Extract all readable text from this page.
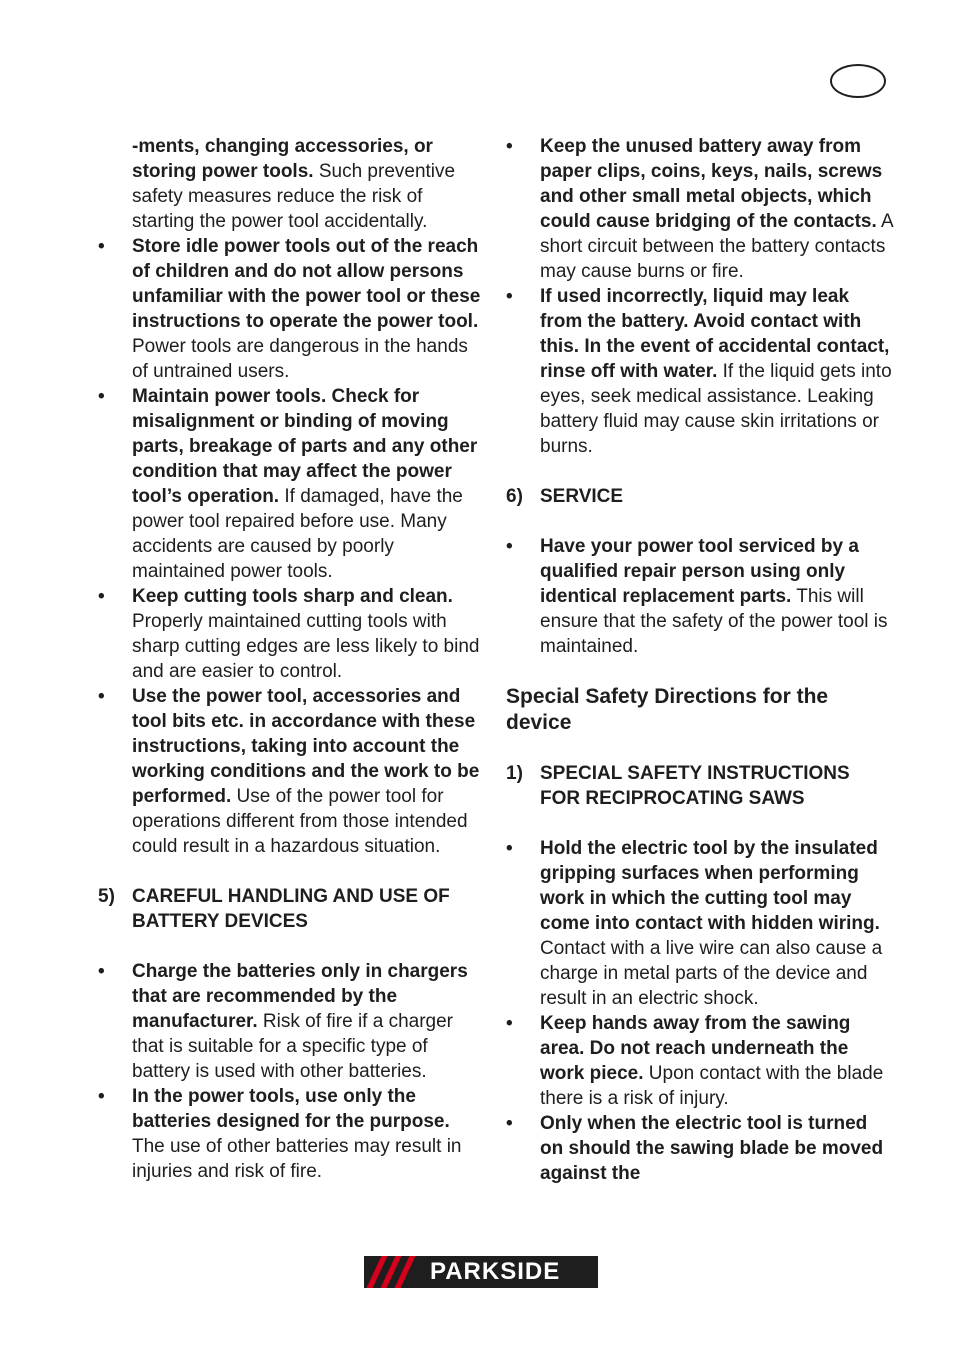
-ments, changing accessories, or storing power tools. Such preventive safety measures reduce the risk of starting the power tool accidentally.
• Store idle power tools out of the reach of children and do not allow persons unfamiliar with the power tool or these instructions to operate the power tool. Power tools are dangerous in the hands of untrained users.
• Maintain power tools. Check for misalignment or binding of moving parts, breakage of parts and any other condition that may affect the power tool’s operation. If damaged, have the power tool repaired before use. Many accidents are caused by poorly maintained power tools.
• Keep cutting tools sharp and clean. Properly maintained cutting tools with sharp cutting edges are less likely to bind and are easier to control.
• Use the power tool, accessories and tool bits etc. in accordance with these instructions, taking into account the working conditions and the work to be performed. Use of the power tool for operations different from those intended could result in a hazardous situation.
5) CAREFUL HANDLING AND USE OF BATTERY DEVICES
• Charge the batteries only in chargers that are recommended by the manufacturer. Risk of fire if a charger that is suitable for a specific type of battery is used with other batteries.
• In the power tools, use only the batteries designed for the purpose. The use of other batteries may result in injuries and risk of fire.
• Keep the unused battery away from paper clips, coins, keys, nails, screws and other small metal objects, which could cause bridging of the contacts. A short circuit between the battery contacts may cause burns or fire.
• If used incorrectly, liquid may leak from the battery. Avoid contact with this. In the event of accidental contact, rinse off with water. If the liquid gets into eyes, seek medical assistance. Leaking battery fluid may cause skin irritations or burns.
6) SERVICE
• Have your power tool serviced by a qualified repair person using only identical replacement parts. This will ensure that the safety of the power tool is maintained.
Special Safety Directions for the device
1) SPECIAL SAFETY INSTRUCTIONS FOR RECIPROCATING SAWS
• Hold the electric tool by the insulated gripping surfaces when performing work in which the cutting tool may come into contact with hidden wiring. Contact with a live wire can also cause a charge in metal parts of the device and result in an electric shock.
• Keep hands away from the sawing area. Do not reach underneath the work piece. Upon contact with the blade there is a risk of injury.
• Only when the electric tool is turned on should the sawing blade be moved against the
PARKSIDE
